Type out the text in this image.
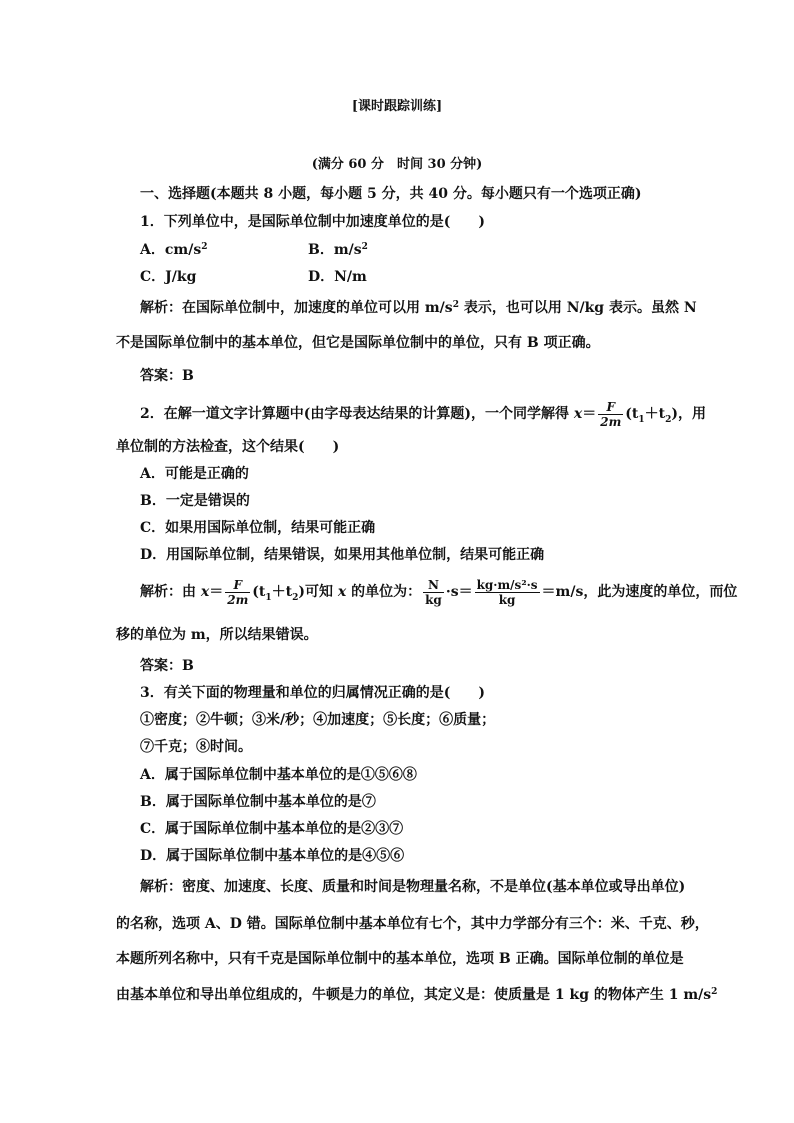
[课时跟踪训练]
(满分 60 分　时间 30 分钟)
一、选择题(本题共 8 小题，每小题 5 分，共 40 分。每小题只有一个选项正确)
1．下列单位中，是国际单位制中加速度单位的是(　　)
A．$cm/s^2$	B．$m/s^2$
C．J/kg	D．N/m
解析：在国际单位制中，加速度的单位可以用 $m/s^2$ 表示，也可以用 N/kg 表示。虽然 N
不是国际单位制中的基本单位，但它是国际单位制中的单位，只有 B 项正确。
答案：B
2．在解一道文字计算题中(由字母表达结果的计算题)，一个同学解得 $x= \frac{F}{2m} (t_1+t_2)$，用
单位制的方法检查，这个结果(　　)
A．可能是正确的
B．一定是错误的
C．如果用国际单位制，结果可能正确
D．用国际单位制，结果错误，如果用其他单位制，结果可能正确
解析：由 $x= \frac{F}{2m} (t_1+t_2)$可知 x 的单位为： $\frac{N}{kg} \cdot s= \frac{\text{kg·m/s²·s}}{kg} =m/s$，此为速度的单位，而位
移的单位为 m，所以结果错误。
答案：B
3．有关下面的物理量和单位的归属情况正确的是(　　)
①密度；②牛顿；③米/秒；④加速度；⑤长度；⑥质量；
⑦千克；⑧时间。
A．属于国际单位制中基本单位的是①⑤⑥⑧
B．属于国际单位制中基本单位的是⑦
C．属于国际单位制中基本单位的是②③⑦
D．属于国际单位制中基本单位的是④⑤⑥
解析：密度、加速度、长度、质量和时间是物理量名称，不是单位(基本单位或导出单位)
的名称，选项 A、D 错。国际单位制中基本单位有七个，其中力学部分有三个：米、千克、秒，
本题所列名称中，只有千克是国际单位制中的基本单位，选项 B 正确。国际单位制的单位是
由基本单位和导出单位组成的，牛顿是力的单位，其定义是：使质量是 1 kg 的物体产生 1 $m/s^2$
